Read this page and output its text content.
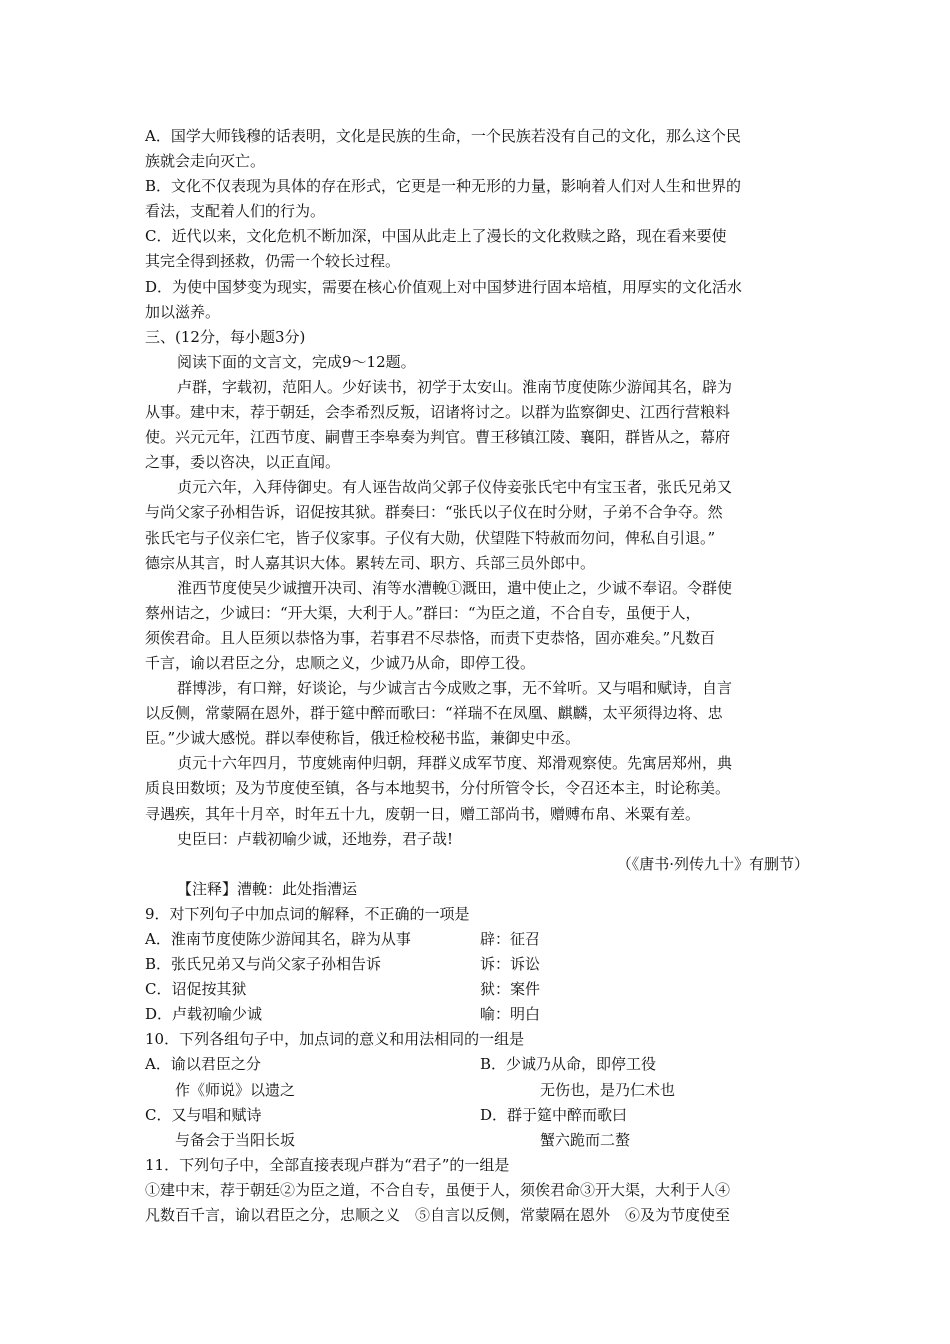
A．国学大师钱穆的话表明，文化是民族的生命，一个民族若没有自己的文化，那么这个民
族就会走向灭亡。
B．文化不仅表现为具体的存在形式，它更是一种无形的力量，影响着人们对人生和世界的
看法，支配着人们的行为。
C．近代以来，文化危机不断加深，中国从此走上了漫长的文化救赎之路，现在看来要使
其完全得到拯救，仍需一个较长过程。
D．为使中国梦变为现实，需要在核心价值观上对中国梦进行固本培植，用厚实的文化活水
加以滋养。
三、(12分，每小题3分)
阅读下面的文言文，完成9～12题。
卢群，字载初，范阳人。少好读书，初学于太安山。淮南节度使陈少游闻其名，辟为
从事。建中末，荐于朝廷，会李希烈反叛，诏诸将讨之。以群为监察御史、江西行营粮料
使。兴元元年，江西节度、嗣曹王李皋奏为判官。曹王移镇江陵、襄阳，群皆从之，幕府
之事，委以咨决，以正直闻。
贞元六年，入拜侍御史。有人诬告故尚父郭子仪侍妾张氏宅中有宝玉者，张氏兄弟又
与尚父家子孙相告诉，诏促按其狱。群奏曰：“张氏以子仪在时分财，子弟不合争夺。然
张氏宅与子仪亲仁宅，皆子仪家事。子仪有大勋，伏望陛下特赦而勿问，俾私自引退。”
德宗从其言，时人嘉其识大体。累转左司、职方、兵部三员外郎中。
淮西节度使吴少诚擅开决司、洧等水漕輓①溉田，遣中使止之，少诚不奉诏。令群使
蔡州诘之，少诚曰：“开大渠，大利于人。”群曰：“为臣之道，不合自专，虽便于人，
须俟君命。且人臣须以恭恪为事，若事君不尽恭恪，而责下吏恭恪，固亦难矣。”凡数百
千言，谕以君臣之分，忠顺之义，少诚乃从命，即停工役。
群博涉，有口辩，好谈论，与少诚言古今成败之事，无不耸听。又与唱和赋诗，自言
以反侧，常蒙隔在恩外，群于筵中醉而歌曰：“祥瑞不在凤凰、麒麟，太平须得边将、忠
臣。”少诚大感悦。群以奉使称旨，俄迁检校秘书监，兼御史中丞。
贞元十六年四月，节度姚南仲归朝，拜群义成军节度、郑滑观察使。先寓居郑州，典
质良田数顷；及为节度使至镇，各与本地契书，分付所管令长，令召还本主，时论称美。
寻遇疾，其年十月卒，时年五十九，废朝一日，赠工部尚书，赠赙布帛、米粟有差。
史臣曰：卢载初喻少诚，还地券，君子哉!
（《唐书·列传九十》有删节）
【注释】漕輓：此处指漕运
9．对下列句子中加点词的解释，不正确的一项是
A．淮南节度使陈少游闻其名，辟为从事	辟：征召
B．张氏兄弟又与尚父家子孙相告诉	诉：诉讼
C．诏促按其狱	狱：案件
D．卢载初喻少诚	喻：明白
10．下列各组句子中，加点词的意义和用法相同的一组是
A．谕以君臣之分	B．少诚乃从命，即停工役
作《师说》以遗之	无伤也，是乃仁术也
C．又与唱和赋诗	D．群于筵中醉而歌曰
与备会于当阳长坂	蟹六跪而二螯
11．下列句子中，全部直接表现卢群为“君子”的一组是
①建中末，荐于朝廷②为臣之道，不合自专，虽便于人，须俟君命③开大渠，大利于人④
凡数百千言，谕以君臣之分，忠顺之义　⑤自言以反侧，常蒙隔在恩外　⑥及为节度使至
